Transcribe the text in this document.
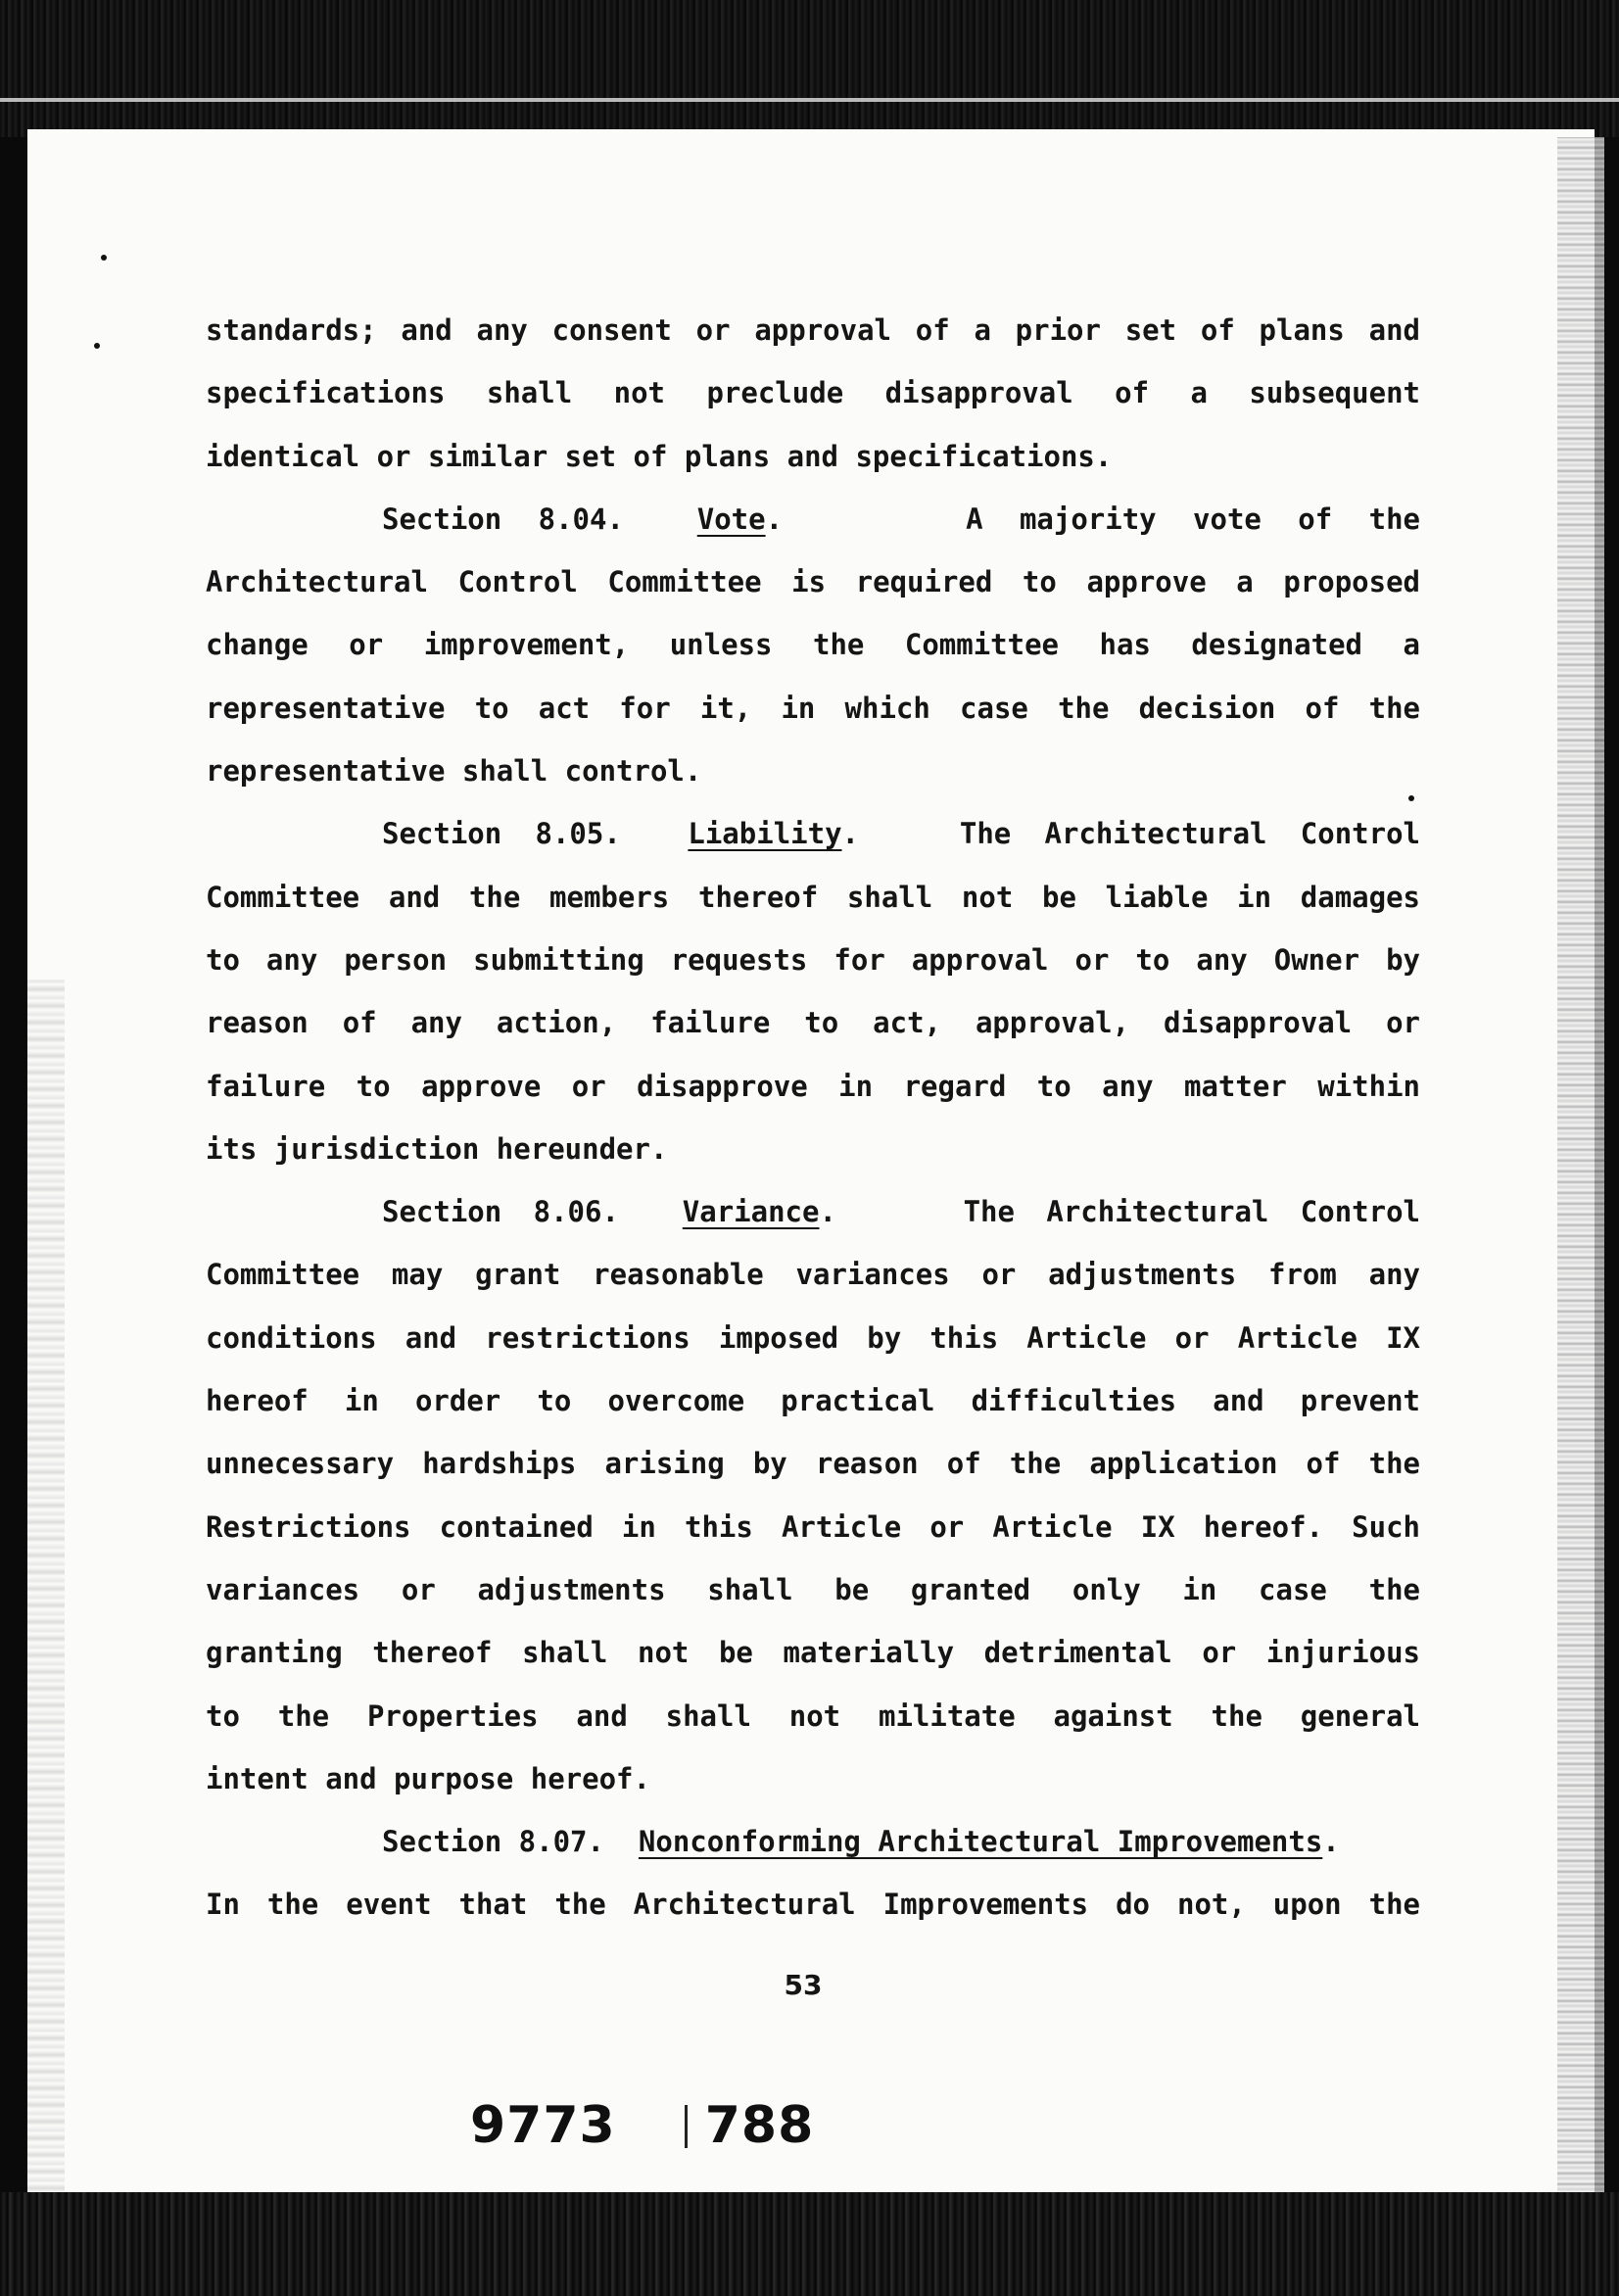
standards; and any consent or approval of a prior set of plans and
specifications shall not preclude disapproval of a subsequent
identical or similar set of plans and specifications.
Section 8.04.	Vote.     A majority vote of the
Architectural Control Committee is required to approve a proposed
change or improvement, unless the Committee has designated a
representative to act for it, in which case the decision of the
representative shall control.
Section 8.05. Liability.   The Architectural Control
Committee and the members thereof shall not be liable in damages
to any person submitting requests for approval or to any Owner by
reason of any action, failure to act, approval, disapproval or
failure to approve or disapprove in regard to any matter within
its jurisdiction hereunder.
Section 8.06. Variance.    The Architectural Control
Committee may grant reasonable variances or adjustments from any
conditions and restrictions imposed by this Article or Article IX
hereof in order to overcome practical difficulties and prevent
unnecessary hardships arising by reason of the application of the
Restrictions contained in this Article or Article IX hereof. Such
variances or adjustments shall be granted only in case the
granting thereof shall not be materially detrimental or injurious
to the Properties and shall not militate against the general
intent and purpose hereof.
Section 8.07. Nonconforming Architectural Improvements.
In the event that the Architectural Improvements do not, upon the
53
9773 788
